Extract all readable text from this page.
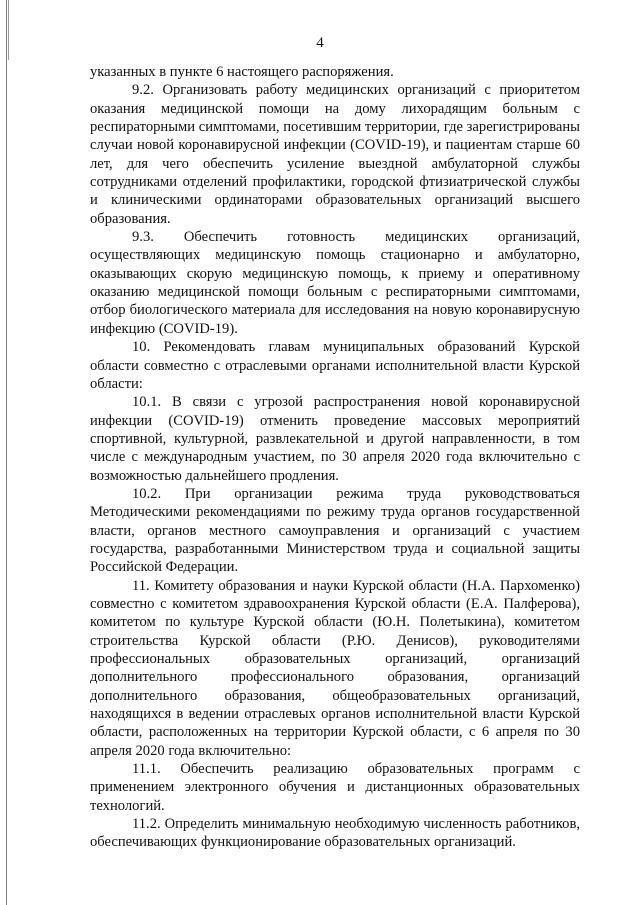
4

указанных в пункте 6 настоящего распоряжения.

9.2. Организовать работу медицинских организаций с приоритетом оказания медицинской помощи на дому лихорадящим больным с респираторными симптомами, посетившим территории, где зарегистрированы случаи новой коронавирусной инфекции (COVID-19), и пациентам старше 60 лет, для чего обеспечить усиление выездной амбулаторной службы сотрудниками отделений профилактики, городской фтизиатрической службы и клиническими ординаторами образовательных организаций высшего образования.

9.3. Обеспечить готовность медицинских организаций, осуществляющих медицинскую помощь стационарно и амбулаторно, оказывающих скорую медицинскую помощь, к приему и оперативному оказанию медицинской помощи больным с респираторными симптомами, отбор биологического материала для исследования на новую коронавирусную инфекцию (COVID-19).

10. Рекомендовать главам муниципальных образований Курской области совместно с отраслевыми органами исполнительной власти Курской области:

10.1. В связи с угрозой распространения новой коронавирусной инфекции (COVID-19) отменить проведение массовых мероприятий спортивной, культурной, развлекательной и другой направленности, в том числе с международным участием, по 30 апреля 2020 года включительно с возможностью дальнейшего продления.

10.2. При организации режима труда руководствоваться Методическими рекомендациями по режиму труда органов государственной власти, органов местного самоуправления и организаций с участием государства, разработанными Министерством труда и социальной защиты Российской Федерации.

11. Комитету образования и науки Курской области (Н.А. Пархоменко) совместно с комитетом здравоохранения Курской области (Е.А. Палферова), комитетом по культуре Курской области (Ю.Н. Полетыкина), комитетом строительства Курской области (Р.Ю. Денисов), руководителями профессиональных образовательных организаций, организаций дополнительного профессионального образования, организаций дополнительного образования, общеобразовательных организаций, находящихся в ведении отраслевых органов исполнительной власти Курской области, расположенных на территории Курской области, с 6 апреля по 30 апреля 2020 года включительно:

11.1. Обеспечить реализацию образовательных программ с применением электронного обучения и дистанционных образовательных технологий.

11.2. Определить минимальную необходимую численность работников, обеспечивающих функционирование образовательных организаций.
